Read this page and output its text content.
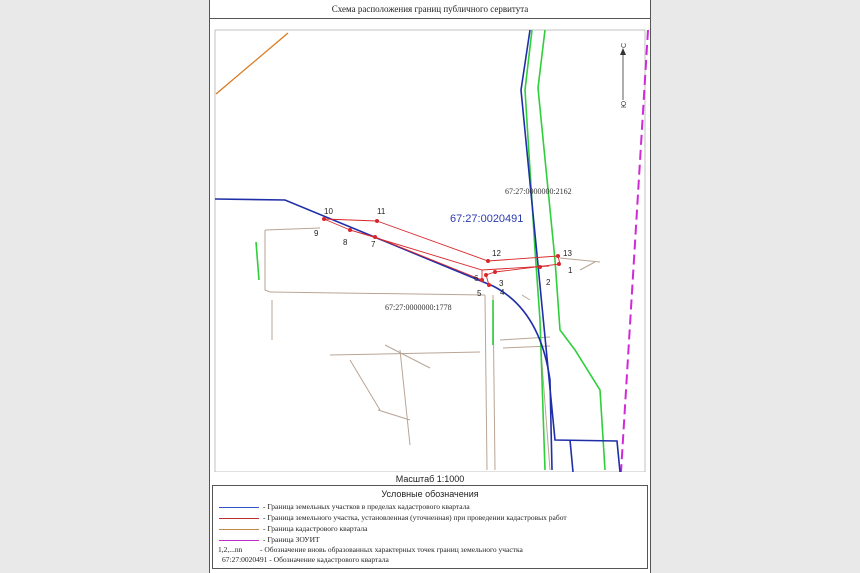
Схема расположения границ публичного сервитута
1
2
3
4
5
6
7
8
9
10	11
12	13
67:27:0020491
67:27:0000000:2162
67:27:0000000:1778
С
Ю
Масштаб 1:1000
Условные обозначения
- Граница земельных участков в пределах кадастрового квартала
- Граница земельного участка, установленная (уточненная) при проведении кадастровых работ
- Граница кадастрового квартала
- Граница ЗОУИТ
1,2,...nn - Обозначение вновь образованных характерных точек границ земельного участка
67:27:0020491 - Обозначение кадастрового квартала
